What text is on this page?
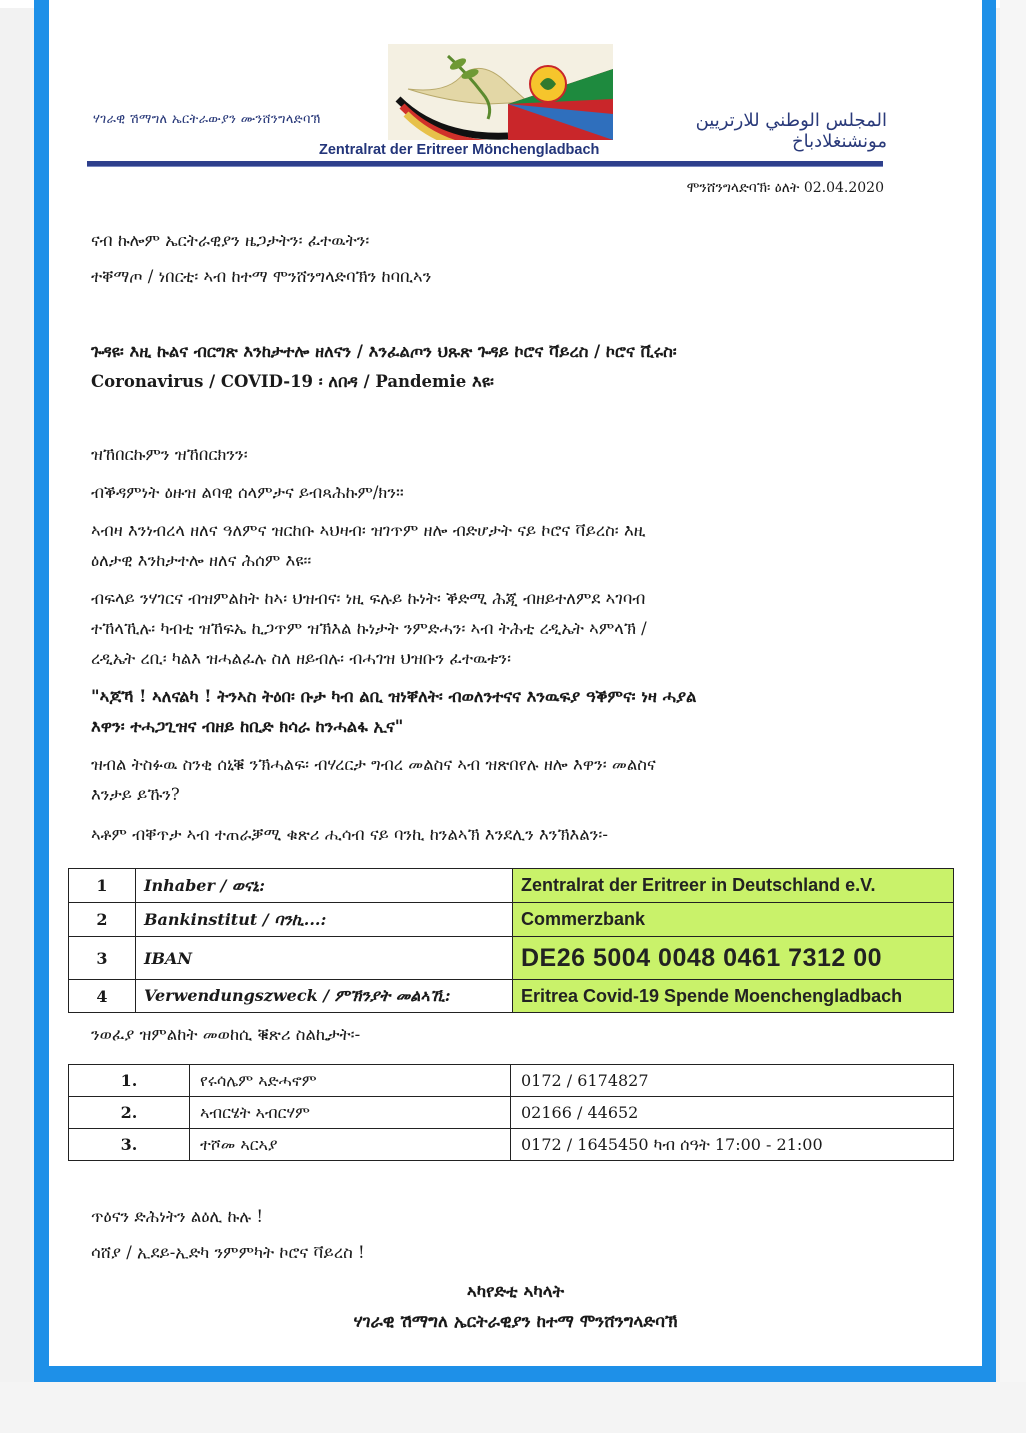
ሃገራዊ ሽማግለ ኤርትራውያን ሙንሸንግላድባኽ	المجلس الوطني للارتريين مونشنغلادباخ
Zentralrat der Eritreer Mönchengladbach
ሞንሸንግላድባኽ፡ ዕለት 02.04.2020
ናብ ኩሎም ኤርትራዊያን ዜጋታትን፡ ፈተዉትን፡
ተቐማጦ / ነበርቲ፡ ኣብ ከተማ ሞንሸንግላድባኽን ከባቢኣን
ጉዳዩ፡ እዚ ኩልና ብርግጽ እንከታተሎ ዘለናን / እንፈልጦን ህጹጽ ጉዳይ ኮሮና ቫይረስ / ኮሮና ቪሩስ፡
Coronavirus / COVID-19 ፡ ለበዳ / Pandemie እዩ፡
ዝኸበርኩምን ዝኸበርክንን፡
ብቕዳምነት ዕዙዝ ልባዊ ሰላምታና ይብጻሕኩም/ክን።
ኣብዛ እንነብረላ ዘለና ዓለምና ዝርከቡ ኣህዛብ፡ ዝገጥም ዘሎ ብድሆታት ናይ ኮሮና ቫይረስ፡ እዚ
ዕለታዊ እንከታተሎ ዘለና ሕሰም እዩ፡፡
ብፍላይ ንሃገርና ብዝምልከት ከኣ፡ ህዝብና፡ ነዚ ፍሉይ ኩነት፡ ቕድሚ ሕጂ ብዘይተለምደ ኣገባብ
ተኸላኺሉ፡ ካብቲ ዝኸፍኤ ኪጋጥም ዝኽእል ኩነታት ንምድሓን፡ ኣብ ትሕቲ ረዲኤት ኣምላኽ /
ረዲኤት ረቢ፡ ካልእ ዝሓልፈሉ ስለ ዘይብሉ፡ ብሓገዝ ህዝቡን ፈተዉቱን፡
"ኣጆኻ ! ኣለናልካ ! ትንኣስ ትዕበ፡ ቡታ ካብ ልቢ ዝነቐለት፡ ብወለንተናና እንዉፍያ ዓቕምና፡ ነዛ ሓያል
እዋን፡ ተሓጋጊዝና ብዘይ ከቢድ ክሳራ ከንሓልፋ ኢና"
ዝብል ትስፉዉ ስንቂ ሰኒቑ ንኽሓልፍ፡ ብሃረርታ ግብረ መልስና ኣብ ዝጽበየሉ ዘሎ እዋን፡ መልስና
እንታይ ይኹን?
ኣቶም ብቐጥታ ኣብ ተጠራቓሚ ቁጽሪ ሒሳብ ናይ ባንኪ ከንልኣኽ እንደሊን እንኽእልን፡-
1	Inhaber / ወናኒ:	Zentralrat der Eritreer in Deutschland e.V.
2	Bankinstitut / ባንኪ...:	Commerzbank
3	IBAN	DE26 5004 0048 0461 7312 00
4	Verwendungszweck / ምኽንያት መልኣኺ:	Eritrea Covid-19 Spende Moenchengladbach
ንወፈያ ዝምልከት መወከሲ ቑጽሪ ስልኪታት፡-
1.	የሩሳሌም ኣድሓኖም	0172 / 6174827
2.	ኣብርሄት ኣብርሃም	02166 / 44652
3.	ተሾመ ኣርኣያ	0172 / 1645450 ካብ ሰዓት 17:00 - 21:00
ጥዕናን ድሕነትን ልዕሊ ኩሉ !
ሳሸያ / ኢደይ-ኢድካ ንምምካት ኮሮና ቫይረስ !
ኣካየድቲ ኣካላት
ሃገራዊ ሽማግለ ኤርትራዊያን ከተማ ሞንሸንግላድባኽ
